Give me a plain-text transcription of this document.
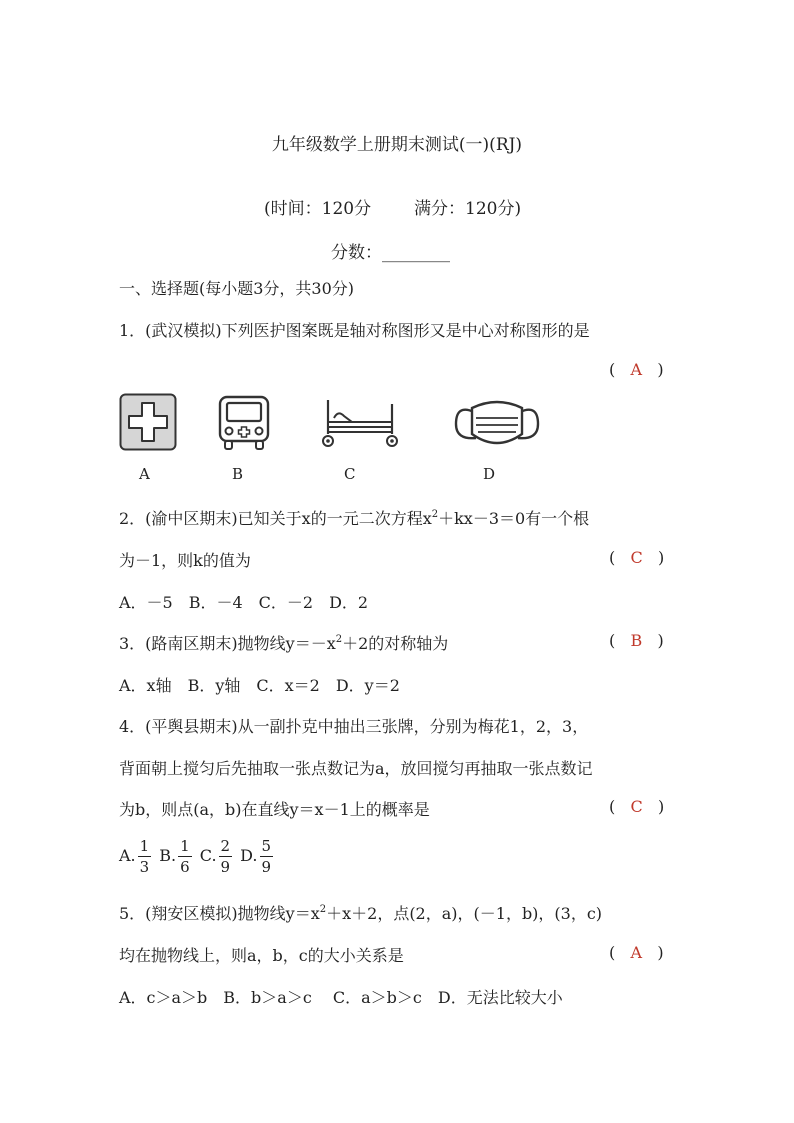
九年级数学上册期末测试(一)(RJ)
(时间：120分	满分：120分)
分数：________
一、选择题(每小题3分，共30分)
1．(武汉模拟)下列医护图案既是轴对称图形又是中心对称图形的是
( A )
A	B	C	D
2．(渝中区期末)已知关于x的一元二次方程$x^2+kx-3=0$有一个根
为－1，则k的值为	( C )
A．－5　B．－4　C．－2　D．2
3．(路南区期末)抛物线$y=-x^2+2$的对称轴为	( B )
A．x轴　B．y轴　C．x＝2　D．y＝2
4．(平舆县期末)从一副扑克中抽出三张牌，分别为梅花1，2，3，
背面朝上搅匀后先抽取一张点数记为a，放回搅匀再抽取一张点数记
为b，则点(a，b)在直线y＝x－1上的概率是	( C )
A. $\frac{1}{3} B$. $\frac{1}{6} C$. $\frac{2}{9} D$. $\frac{5}{9}$
5．(翔安区模拟)抛物线$y=x^2+x+2$，点(2，a)，(－1，b)，(3，c)
均在抛物线上，则a，b，c的大小关系是	( A )
A．c＞a＞b　B．b＞a＞c　 C．a＞b＞c　D．无法比较大小
